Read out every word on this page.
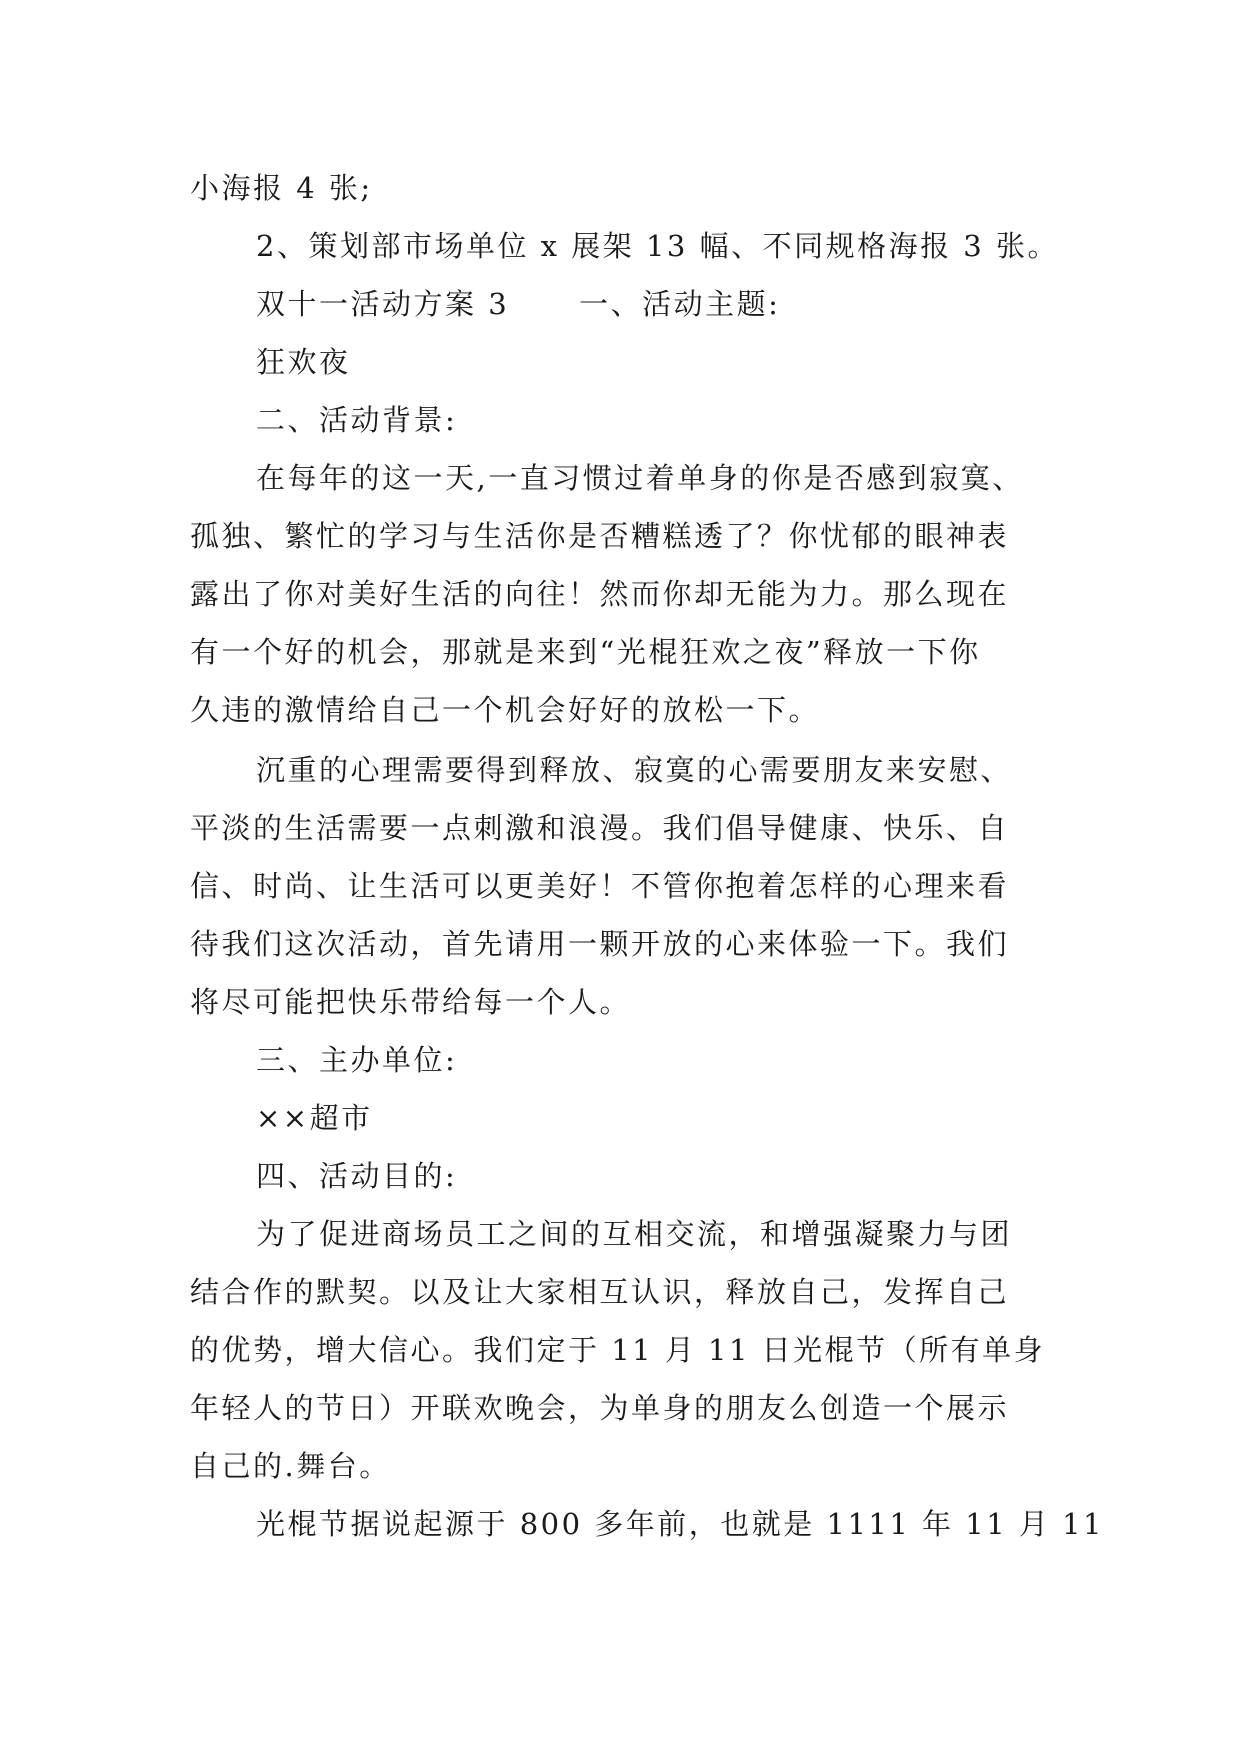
小海报 4 张;
2、策划部市场单位 x 展架 13 幅、不同规格海报 3 张。
双十一活动方案 3 一、活动主题:
狂欢夜
二、活动背景:
在每年的这一天,一直习惯过着单身的你是否感到寂寞、
孤独、繁忙的学习与生活你是否糟糕透了？你忧郁的眼神表
露出了你对美好生活的向往！然而你却无能为力。那么现在
有一个好的机会，那就是来到“光棍狂欢之夜”释放一下你
久违的激情给自己一个机会好好的放松一下。
沉重的心理需要得到释放、寂寞的心需要朋友来安慰、
平淡的生活需要一点刺激和浪漫。我们倡导健康、快乐、自
信、时尚、让生活可以更美好！不管你抱着怎样的心理来看
待我们这次活动，首先请用一颗开放的心来体验一下。我们
将尽可能把快乐带给每一个人。
三、主办单位:
××超市
四、活动目的:
为了促进商场员工之间的互相交流，和增强凝聚力与团
结合作的默契。以及让大家相互认识，释放自己，发挥自己
的优势，增大信心。我们定于 11 月 11 日光棍节（所有单身
年轻人的节日）开联欢晚会，为单身的朋友么创造一个展示
自己的.舞台。
光棍节据说起源于 800 多年前，也就是 1111 年 11 月 11
